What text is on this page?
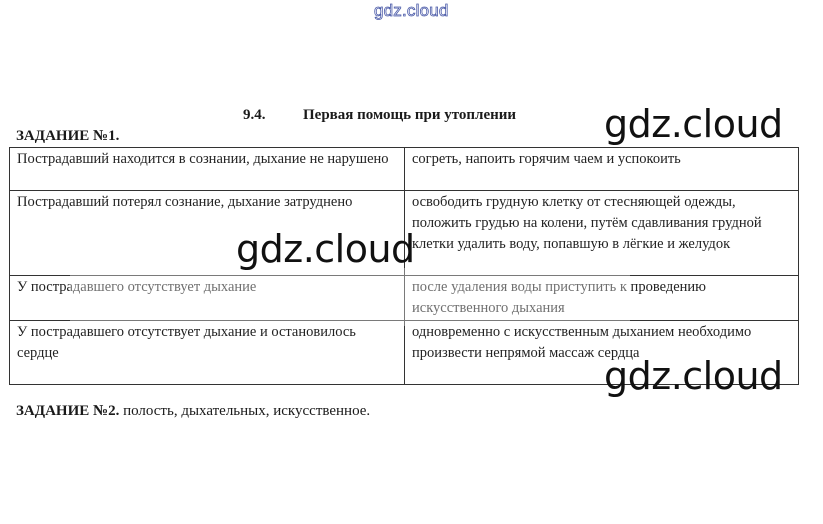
gdz.cloud
9.4.	Первая помощь при утоплении
ЗАДАНИЕ №1.
Пострадавший находится в сознании, дыхание не нарушено	согреть, напоить горячим чаем и успокоить
Пострадавший потерял сознание, дыхание затруднено	освободить грудную клетку от стесняющей одежды, положить грудью на колени, путём сдавливания грудной клетки удалить воду, попавшую в лёгкие и желудок
У пострадавшего отсутствует дыхание	после удаления воды приступить к проведению искусственного дыхания
У пострадавшего отсутствует дыхание и остановилось сердце	одновременно с искусственным дыханием необходимо произвести непрямой массаж сердца
ЗАДАНИЕ №2. полость, дыхательных, искусственное.
gdz.cloud
gdz.cloud
gdz.cloud
